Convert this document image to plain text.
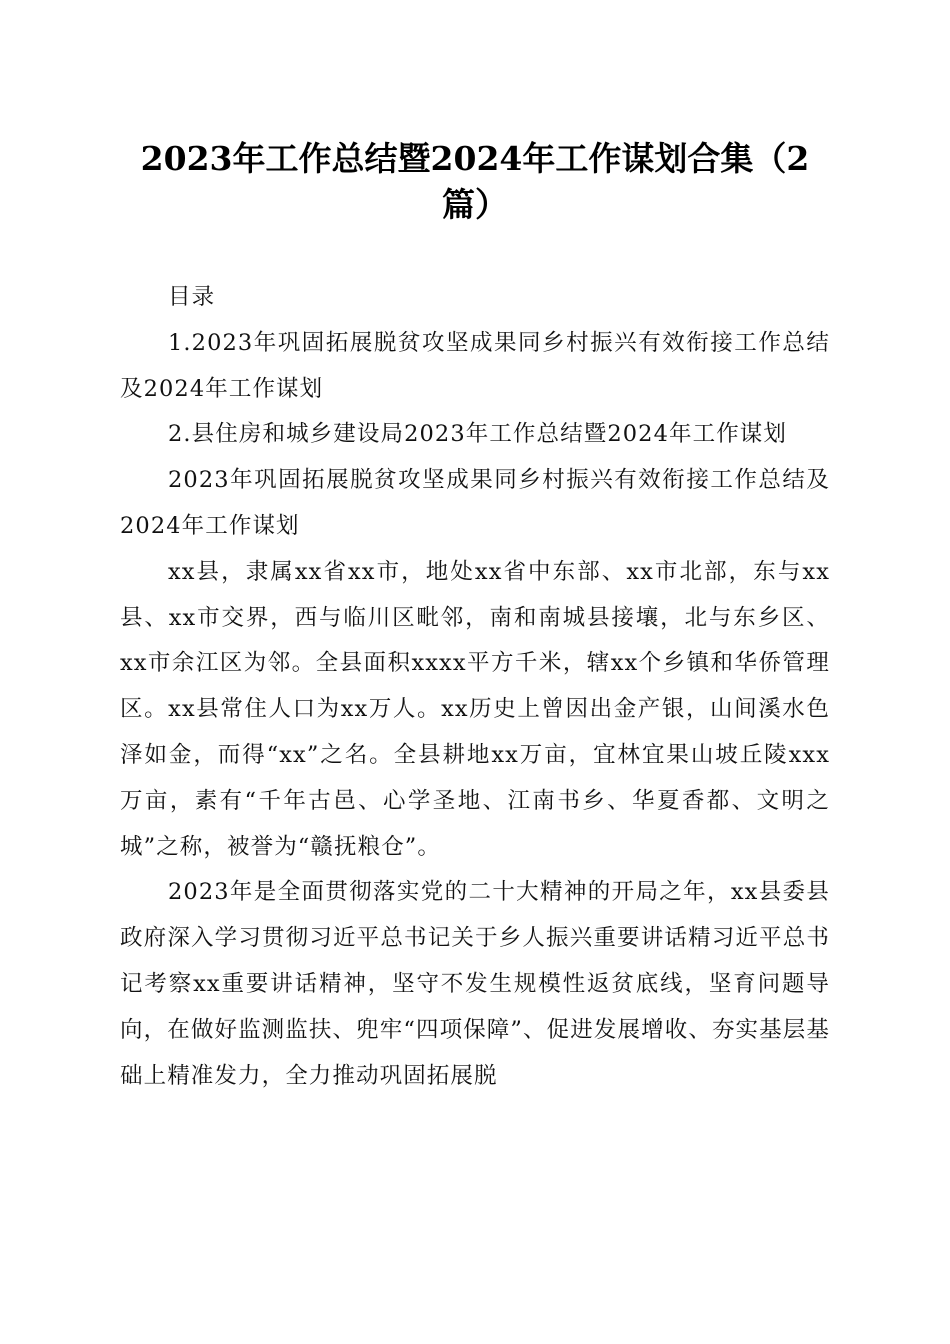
2023年工作总结暨2024年工作谋划合集（2篇）

目录

1.2023年巩固拓展脱贫攻坚成果同乡村振兴有效衔接工作总结及2024年工作谋划

2.县住房和城乡建设局2023年工作总结暨2024年工作谋划

2023年巩固拓展脱贫攻坚成果同乡村振兴有效衔接工作总结及2024年工作谋划

xx县，隶属xx省xx市，地处xx省中东部、xx市北部，东与xx县、xx市交界，西与临川区毗邻，南和南城县接壤，北与东乡区、xx市余江区为邻。全县面积xxxx平方千米，辖xx个乡镇和华侨管理区。xx县常住人口为xx万人。xx历史上曾因出金产银，山间溪水色泽如金，而得“xx”之名。全县耕地xx万亩，宜林宜果山坡丘陵xxx万亩，素有“千年古邑、心学圣地、江南书乡、华夏香都、文明之城”之称，被誉为“赣抚粮仓”。

2023年是全面贯彻落实党的二十大精神的开局之年，xx县委县政府深入学习贯彻习近平总书记关于乡人振兴重要讲话精习近平总书记考察xx重要讲话精神，坚守不发生规模性返贫底线，坚育问题导向，在做好监测监扶、兜牢“四项保障”、促进发展增收、夯实基层基础上精准发力，全力推动巩固拓展脱
